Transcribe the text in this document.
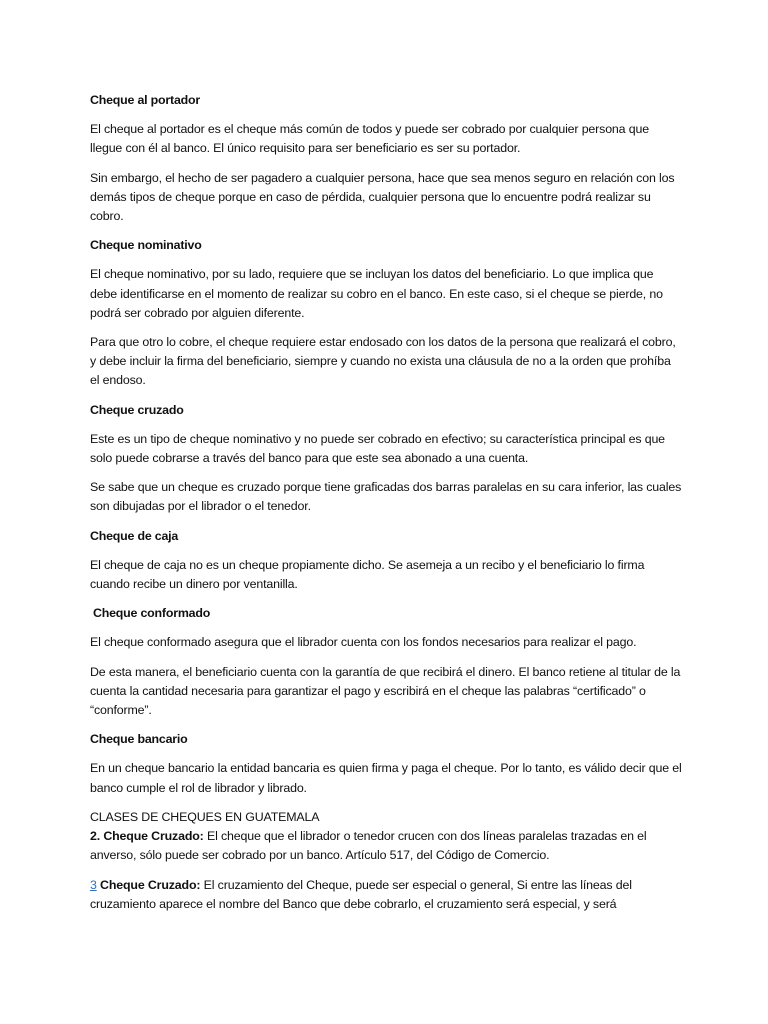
Cheque al portador

El cheque al portador es el cheque más común de todos y puede ser cobrado por cualquier persona que llegue con él al banco. El único requisito para ser beneficiario es ser su portador.

Sin embargo, el hecho de ser pagadero a cualquier persona, hace que sea menos seguro en relación con los demás tipos de cheque porque en caso de pérdida, cualquier persona que lo encuentre podrá realizar su cobro.

Cheque nominativo

El cheque nominativo, por su lado, requiere que se incluyan los datos del beneficiario. Lo que implica que debe identificarse en el momento de realizar su cobro en el banco. En este caso, si el cheque se pierde, no podrá ser cobrado por alguien diferente.

Para que otro lo cobre, el cheque requiere estar endosado con los datos de la persona que realizará el cobro, y debe incluir la firma del beneficiario, siempre y cuando no exista una cláusula de no a la orden que prohíba el endoso.

Cheque cruzado

Este es un tipo de cheque nominativo y no puede ser cobrado en efectivo; su característica principal es que solo puede cobrarse a través del banco para que este sea abonado a una cuenta.

Se sabe que un cheque es cruzado porque tiene graficadas dos barras paralelas en su cara inferior, las cuales son dibujadas por el librador o el tenedor.

Cheque de caja

El cheque de caja no es un cheque propiamente dicho. Se asemeja a un recibo y el beneficiario lo firma cuando recibe un dinero por ventanilla.

Cheque conformado

El cheque conformado asegura que el librador cuenta con los fondos necesarios para realizar el pago.

De esta manera, el beneficiario cuenta con la garantía de que recibirá el dinero. El banco retiene al titular de la cuenta la cantidad necesaria para garantizar el pago y escribirá en el cheque las palabras “certificado” o “conforme”.

Cheque bancario

En un cheque bancario la entidad bancaria es quien firma y paga el cheque. Por lo tanto, es válido decir que el banco cumple el rol de librador y librado.

CLASES DE CHEQUES EN GUATEMALA

2. Cheque Cruzado: El cheque que el librador o tenedor crucen con dos líneas paralelas trazadas en el anverso, sólo puede ser cobrado por un banco. Artículo 517, del Código de Comercio.

3 Cheque Cruzado: El cruzamiento del Cheque, puede ser especial o general, Si entre las líneas del cruzamiento aparece el nombre del Banco que debe cobrarlo, el cruzamiento será especial, y será
